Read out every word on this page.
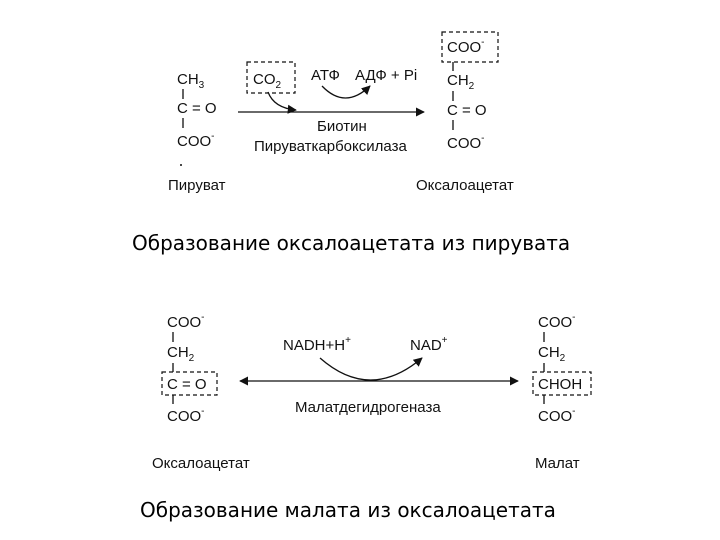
$CH_3$
C = O
COO-
Пируват
$CO_2$
АТФ АДФ + Pi
Биотин
Пируваткарбоксилаза
COO-
$CH_2$
C = O
COO-
Оксалоацетат
Образование оксалоацетата из пирувата
COO-
$CH_2$
C = O
COO-
Оксалоацетат
NADH+H+	NAD+
Малатдегидрогеназа
COO-
$CH_2$
CHOH
COO-
Малат
Образование малата из оксалоацетата
